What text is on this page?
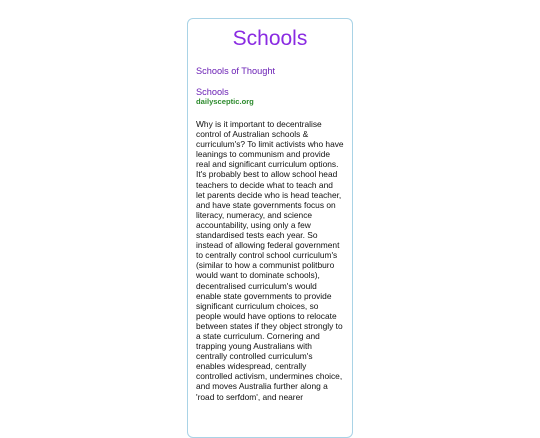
Schools
Schools of Thought
Schools
dailysceptic.org
Why is it important to decentralise control of Australian schools & curriculum's? To limit activists who have leanings to communism and provide real and significant curriculum options. It's probably best to allow school head teachers to decide what to teach and let parents decide who is head teacher, and have state governments focus on literacy, numeracy, and science accountability, using only a few standardised tests each year. So instead of allowing federal government to centrally control school curriculum's (similar to how a communist politburo would want to dominate schools), decentralised curriculum's would enable state governments to provide significant curriculum choices, so people would have options to relocate between states if they object strongly to a state curriculum. Cornering and trapping young Australians with centrally controlled curriculum's enables widespread, centrally controlled activism, undermines choice, and moves Australia further along a 'road to serfdom', and nearer
